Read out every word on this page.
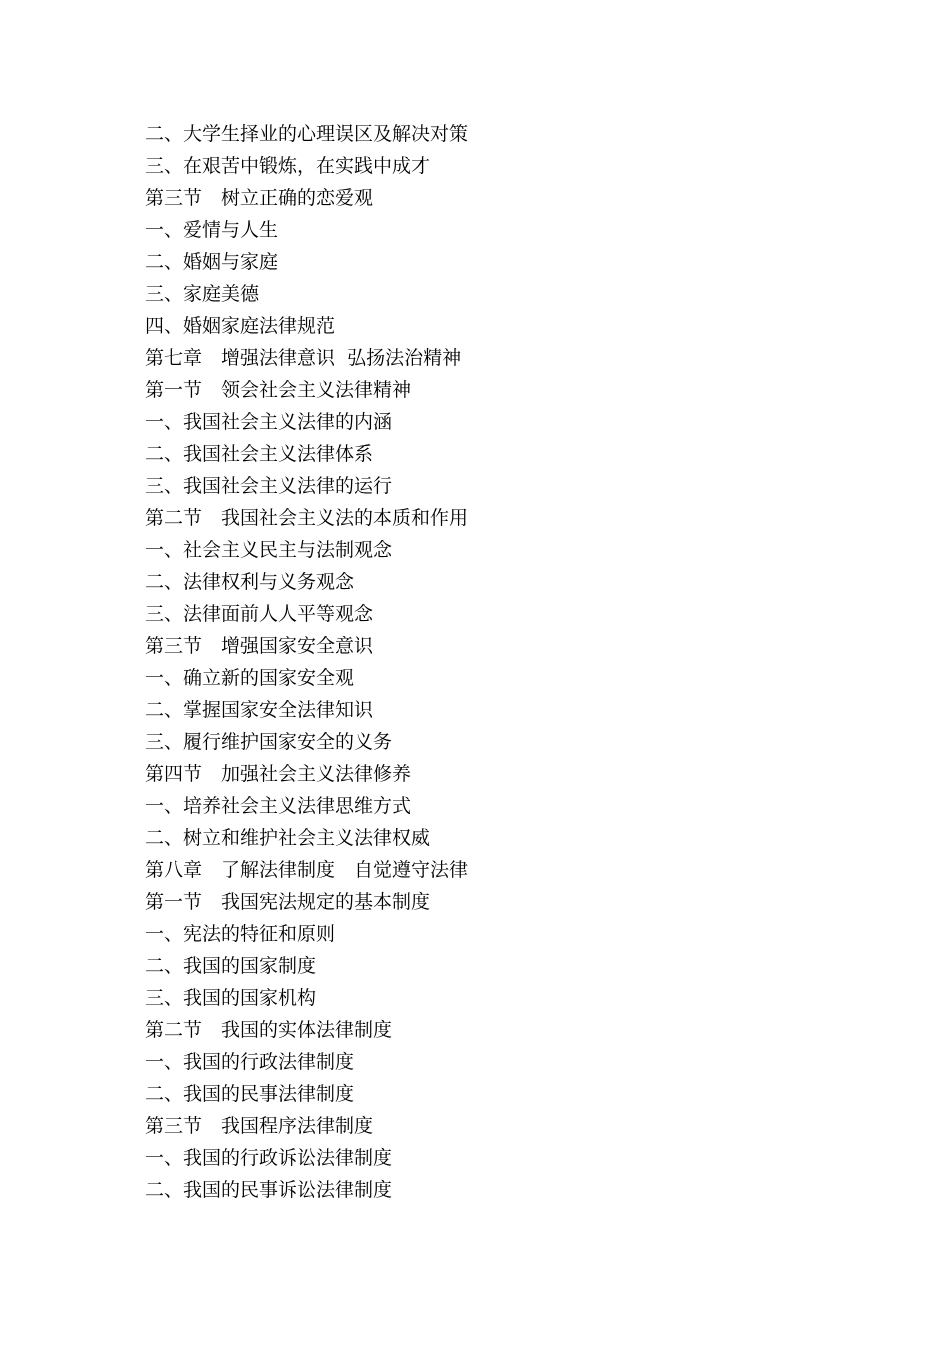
二、大学生择业的心理误区及解决对策
三、在艰苦中锻炼，在实践中成才
第三节　树立正确的恋爱观
一、爱情与人生
二、婚姻与家庭
三、家庭美德
四、婚姻家庭法律规范
第七章　增强法律意识  弘扬法治精神
第一节　领会社会主义法律精神
一、我国社会主义法律的内涵
二、我国社会主义法律体系
三、我国社会主义法律的运行
第二节　我国社会主义法的本质和作用
一、社会主义民主与法制观念
二、法律权利与义务观念
三、法律面前人人平等观念
第三节　增强国家安全意识
一、确立新的国家安全观
二、掌握国家安全法律知识
三、履行维护国家安全的义务
第四节　加强社会主义法律修养
一、培养社会主义法律思维方式
二、树立和维护社会主义法律权威
第八章　了解法律制度　自觉遵守法律
第一节　我国宪法规定的基本制度
一、宪法的特征和原则
二、我国的国家制度
三、我国的国家机构
第二节　我国的实体法律制度
一、我国的行政法律制度
二、我国的民事法律制度
第三节　我国程序法律制度
一、我国的行政诉讼法律制度
二、我国的民事诉讼法律制度
